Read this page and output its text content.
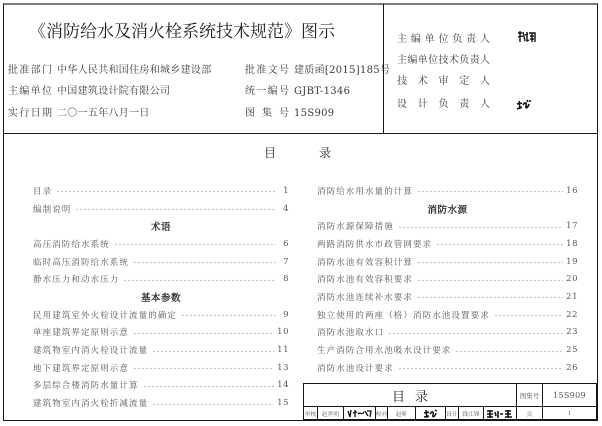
《消防给水及消火栓系统技术规范》图示
批准部门 中华人民共和国住房和城乡建设部
主编单位 中国建筑设计院有限公司
实行日期 二〇一五年八月一日
批准文号 建质函[2015]185号
统一编号 GJBT-1346
图 集 号 15S909
主 编 单 位 负 责 人
主编单位技术负责人
技 术 审 定 人
设 计 负 责 人
目	录
目录	1
编制说明	4
术语
高压消防给水系统	6
临时高压消防给水系统	7
静水压力和动水压力	8
基本参数
民用建筑室外火栓设计流量的确定	9
单座建筑界定原则示意	10
建筑物室内消火栓设计流量	11
地下建筑界定原则示意	13
多层综合楼消防水量计算	14
建筑物室内消火栓折减流量	15
消防给水用水量的计算	16
消防水源
消防水源保障措施	17
两路消防供水市政管网要求	18
消防水池有效容积计算	19
消防水池有效容积要求	20
消防水池连续补水要求	21
独立使用的两座（格）消防水池设置要求	22
消防水池取水口	23
生产消防合用水池吸水设计要求	25
消防水池设计要求	26
目录	图集号	15S909
审核 赵世明	校对	赵昕	设计 钱江锋	页	1
